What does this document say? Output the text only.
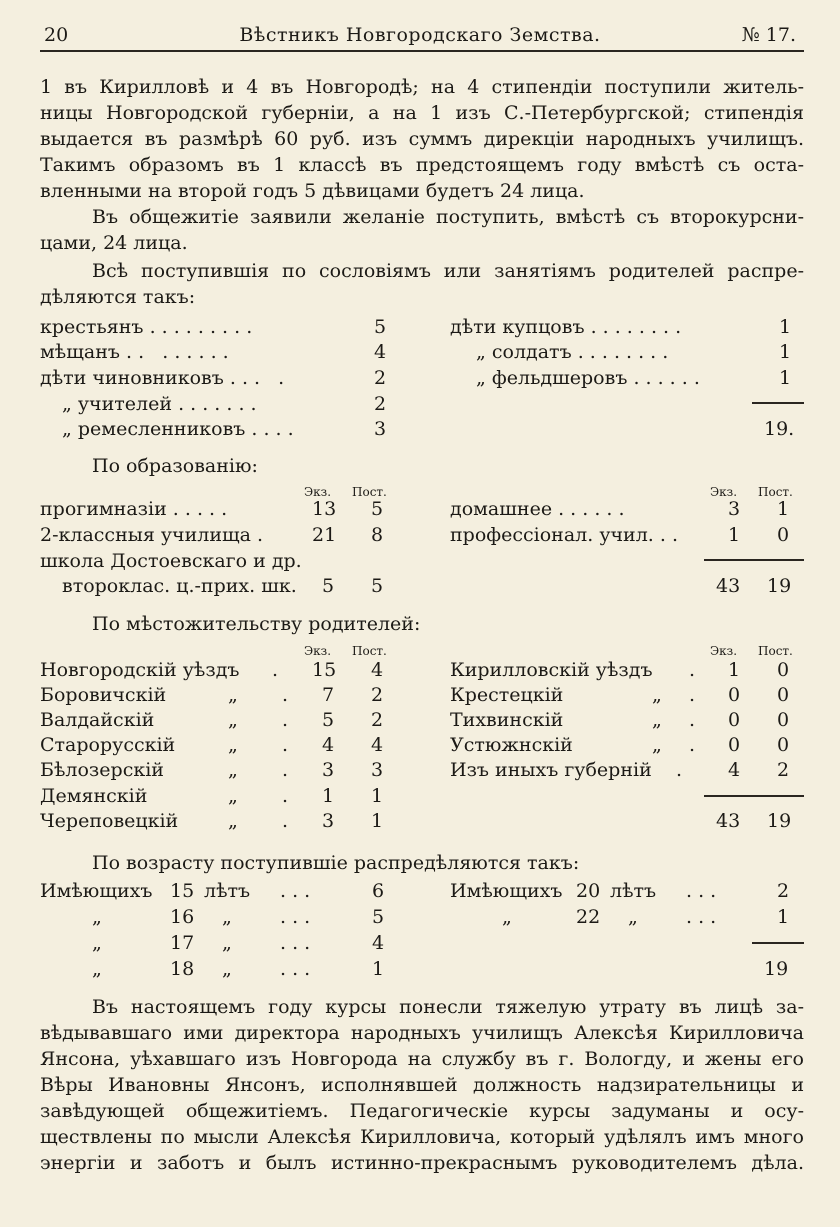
20	Вѣстникъ Новгородскаго Земства.	№ 17.
1 въ Кирилловѣ и 4 въ Новгородѣ; на 4 стипендіи поступили житель-
ницы Новгородской губерніи, а на 1 изъ С.-Петербургской; стипендія
выдается въ размѣрѣ 60 руб. изъ суммъ дирекціи народныхъ училищъ.
Такимъ образомъ въ 1 классѣ въ предстоящемъ году вмѣстѣ съ оста-
вленными на второй годъ 5 дѣвицами будетъ 24 лица.
Въ общежитіе заявили желаніе поступить, вмѣстѣ съ второкурсни-
цами, 24 лица.
Всѣ поступившія по сословіямъ или занятіямъ родителей распре-
дѣляются такъ:
крестьянъ . . . . . . . . .	5
мѣщанъ . .   . . . . . .	4
дѣти чиновниковъ . . .   .	2
„ учителей . . . . . . .	2
„ ремесленниковъ . . . .	3
дѣти купцовъ . . . . . . . .	1
„ солдатъ . . . . . . . .	1
„ фельдшеровъ . . . . . .	1
19.
По образованію:
Экз. Пост.	Экз. Пост.
прогимназіи . . . . .	13 5
2-классныя училища .	21 8
школа Достоевскаго и др.
второклас. ц.-прих. шк. 5 5
домашнее . . . . . .	3 1
профессіонал. учил. . .	1 0
43 19
По мѣстожительству родителей:
Экз. Пост.	Экз. Пост.
Новгородскій уѣздъ . 15 4
Боровичскій	„ . 7 2
Валдайскій	„ . 5 2
Старорусскій	„ . 4 4
Бѣлозерскій	„ . 3 3
Демянскій	„ . 1 1
Череповецкій	„ . 3 1
Кирилловскій уѣздъ . 1 0
Крестецкій	„ . 0 0
Тихвинскій	„ . 0 0
Устюжнскій	„ . 0 0
Изъ иныхъ губерній . 4 2
43 19
По возрасту поступившіе распредѣляются такъ:
Имѣющихъ 15 лѣтъ . . .	6
„	16 „	. . .	5
„	17 „	. . .	4
„	18 „	. . .	1
Имѣющихъ 20 лѣтъ . . .	2
„	22 „	. . .	1
19
Въ настоящемъ году курсы понесли тяжелую утрату въ лицѣ за-
вѣдывавшаго ими директора народныхъ училищъ Алексѣя Кирилловича
Янсона, уѣхавшаго изъ Новгорода на службу въ г. Вологду, и жены его
Вѣры Ивановны Янсонъ, исполнявшей должность надзирательницы и
завѣдующей общежитіемъ. Педагогическіе курсы задуманы и осу-
ществлены по мысли Алексѣя Кирилловича, который удѣлялъ имъ много
энергіи и заботъ и былъ истинно-прекраснымъ руководителемъ дѣла.
